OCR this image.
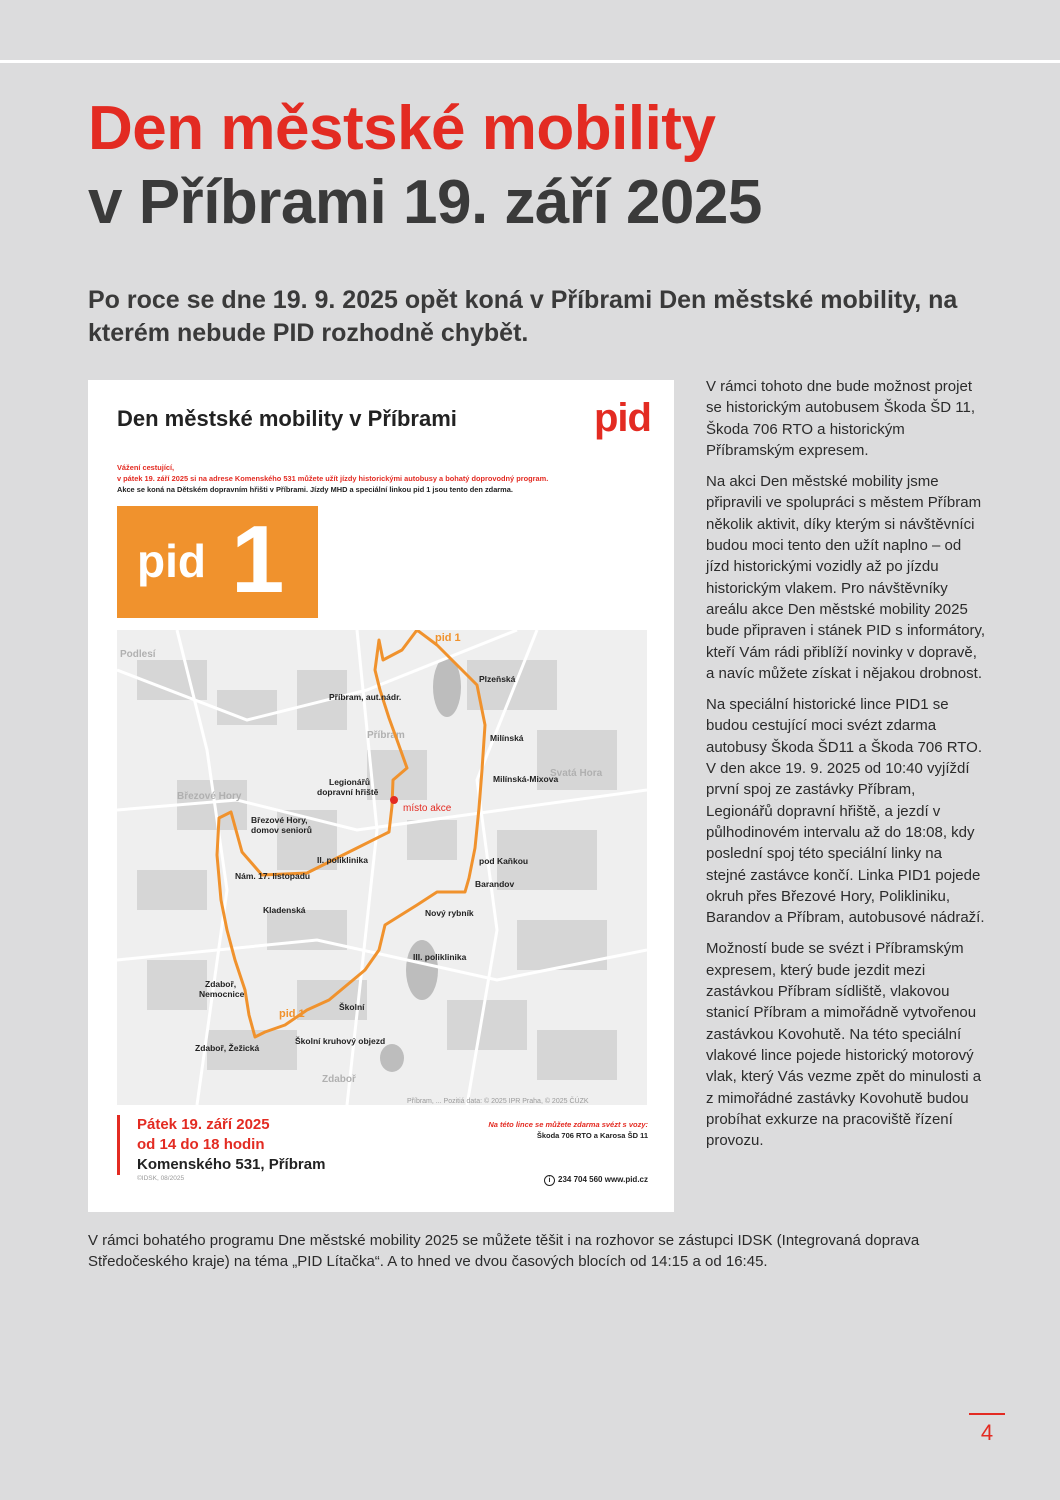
Den městské mobility
v Příbrami 19. září 2025

Po roce se dne 19. 9. 2025 opět koná v Příbrami Den městské mobility, na kterém nebude PID rozhodně chybět.

Den městské mobility v Příbrami	pid
Vážení cestující,
v pátek 19. září 2025 si na adrese Komenského 531 můžete užít jízdy historickými autobusy a bohatý doprovodný program.
Akce se koná na Dětském dopravním hřišti v Příbrami. Jízdy MHD a speciální linkou pid 1 jsou tento den zdarma.
pid 1
Podlesí
Příbram
Svatá Hora
Březové Hory
Zdaboř
místo akce
pid 1
pid 1
Plzeňská
Příbram, aut.nádr.
Milínská
Milínská-Mixova
Legionářů
dopravní hřiště
Březové Hory,
domov seniorů
II. poliklinika
Nám. 17. listopadu
pod Kaňkou
Barandov
Kladenská	Nový rybník
III. poliklinika
Zdaboř,
Nemocnice
Školní
Školní kruhový objezd
Zdaboř, Žežická
Příbram, ... Pozitiá data: © 2025 IPR Praha, © 2025 ČÚZK
Pátek 19. září 2025
od 14 do 18 hodin
Komenského 531, Příbram
©IDSK, 08/2025
Na této lince se můžete zdarma svézt s vozy:
Škoda 706 RTO a Karosa ŠD 11
i 234 704 560 www.pid.cz

V rámci tohoto dne bude možnost projet se historickým autobusem Škoda ŠD 11, Škoda 706 RTO a historickým Příbramským expresem.

Na akci Den městské mobility jsme připravili ve spolupráci s městem Příbram několik aktivit, díky kterým si návštěvníci budou moci tento den užít naplno – od jízd historickými vozidly až po jízdu historickým vlakem. Pro návštěvníky areálu akce Den městské mobility 2025 bude připraven i stánek PID s informátory, kteří Vám rádi přiblíží novinky v dopravě, a navíc můžete získat i nějakou drobnost.

Na speciální historické lince PID1 se budou cestující moci svézt zdarma autobusy Škoda ŠD11 a Škoda 706 RTO. V den akce 19. 9. 2025 od 10:40 vyjíždí první spoj ze zastávky Příbram, Legionářů dopravní hřiště, a jezdí v půlhodinovém intervalu až do 18:08, kdy poslední spoj této speciální linky na stejné zastávce končí. Linka PID1 pojede okruh přes Březové Hory, Polikliniku, Barandov a Příbram, autobusové nádraží.

Možností bude se svézt i Příbramským expresem, který bude jezdit mezi zastávkou Příbram sídliště, vlakovou stanicí Příbram a mimořádně vytvořenou zastávkou Kovohutě. Na této speciální vlakové lince pojede historický motorový vlak, který Vás vezme zpět do minulosti a z mimořádné zastávky Kovohutě budou probíhat exkurze na pracoviště řízení provozu.

V rámci bohatého programu Dne městské mobility 2025 se můžete těšit i na rozhovor se zástupci IDSK (Integrovaná doprava Středočeského kraje) na téma „PID Lítačka“. A to hned ve dvou časových blocích od 14:15 a od 16:45.

4
